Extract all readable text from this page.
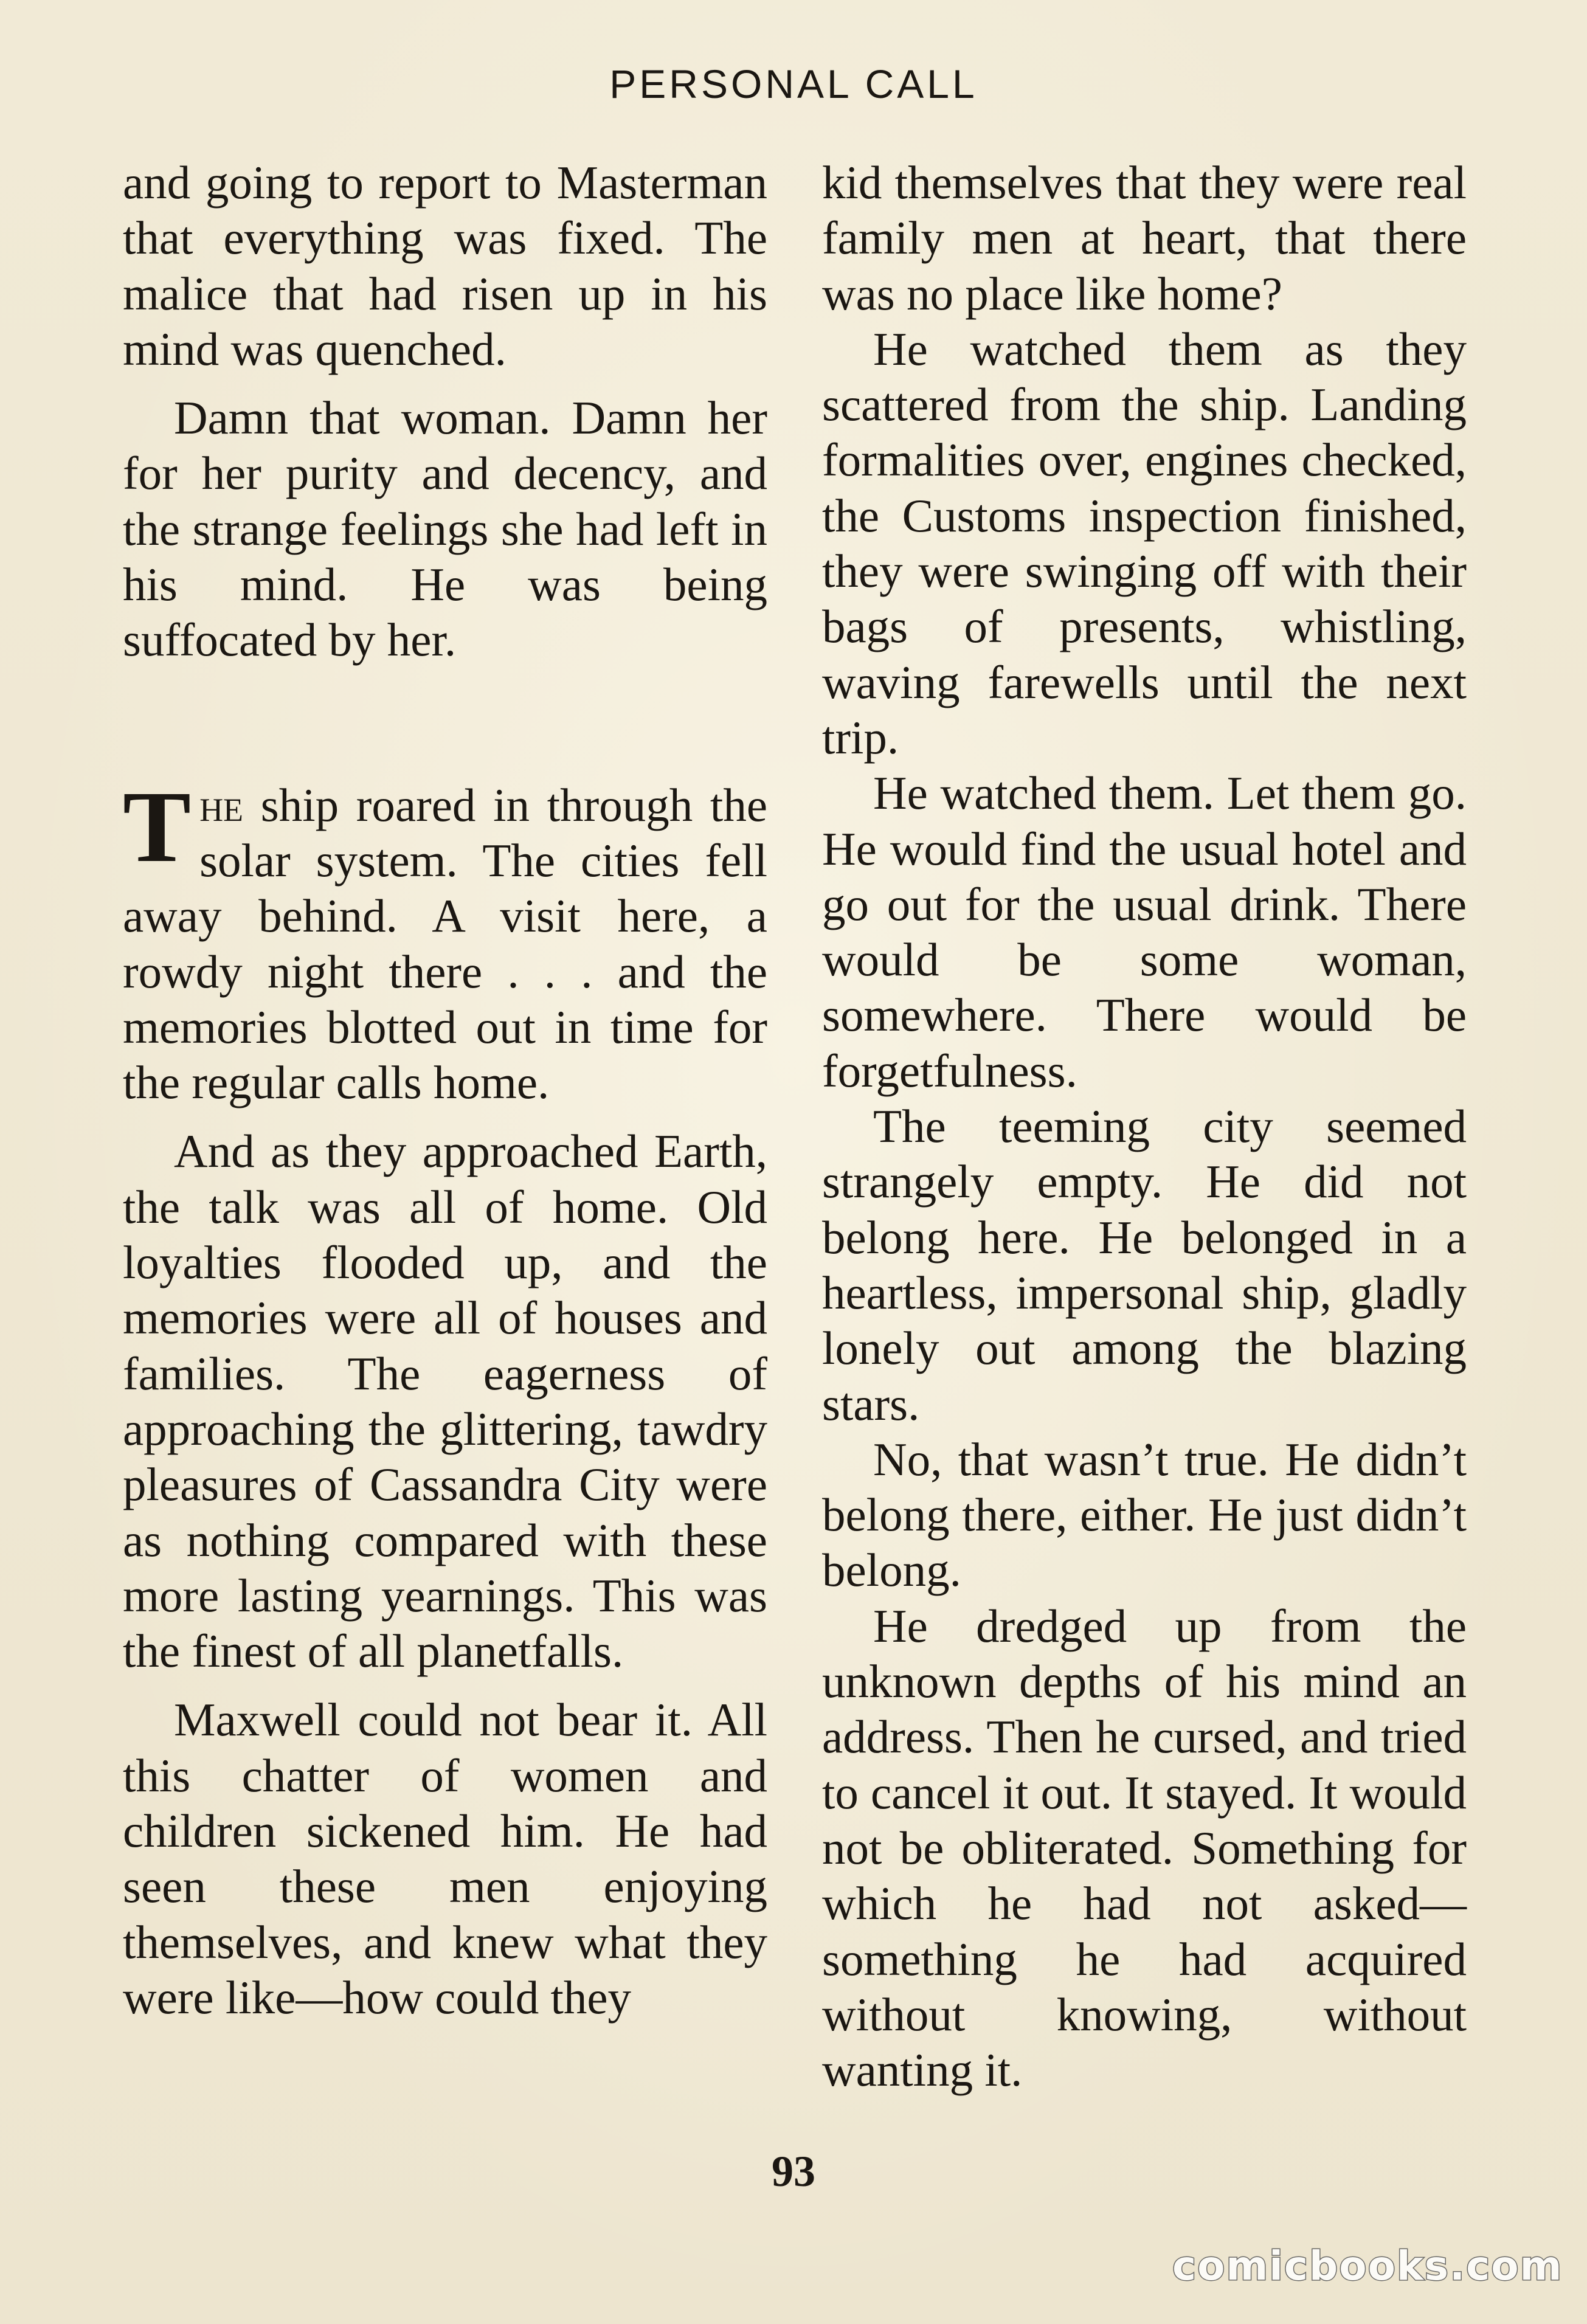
PERSONAL CALL

and going to report to Masterman that everything was fixed. The malice that had risen up in his mind was quenched.

Damn that woman. Damn her for her purity and decency, and the strange feelings she had left in his mind. He was being suffocated by her.

The ship roared in through the solar system. The cities fell away behind. A visit here, a rowdy night there . . . and the memories blotted out in time for the regular calls home.

And as they approached Earth, the talk was all of home. Old loyalties flooded up, and the memories were all of houses and families. The eagerness of approaching the glittering, tawdry pleasures of Cassandra City were as nothing compared with these more lasting yearnings. This was the finest of all planetfalls.

Maxwell could not bear it. All this chatter of women and children sickened him. He had seen these men enjoying themselves, and knew what they were like—how could they

kid themselves that they were real family men at heart, that there was no place like home?

He watched them as they scattered from the ship. Landing formalities over, engines checked, the Customs inspection finished, they were swinging off with their bags of presents, whistling, waving farewells until the next trip.

He watched them. Let them go. He would find the usual hotel and go out for the usual drink. There would be some woman, somewhere. There would be forgetfulness.

The teeming city seemed strangely empty. He did not belong here. He belonged in a heartless, impersonal ship, gladly lonely out among the blazing stars.

No, that wasn’t true. He didn’t belong there, either. He just didn’t belong.

He dredged up from the unknown depths of his mind an address. Then he cursed, and tried to cancel it out. It stayed. It would not be obliterated. Something for which he had not asked—something he had acquired without knowing, without wanting it.

93
comicbooks.com
